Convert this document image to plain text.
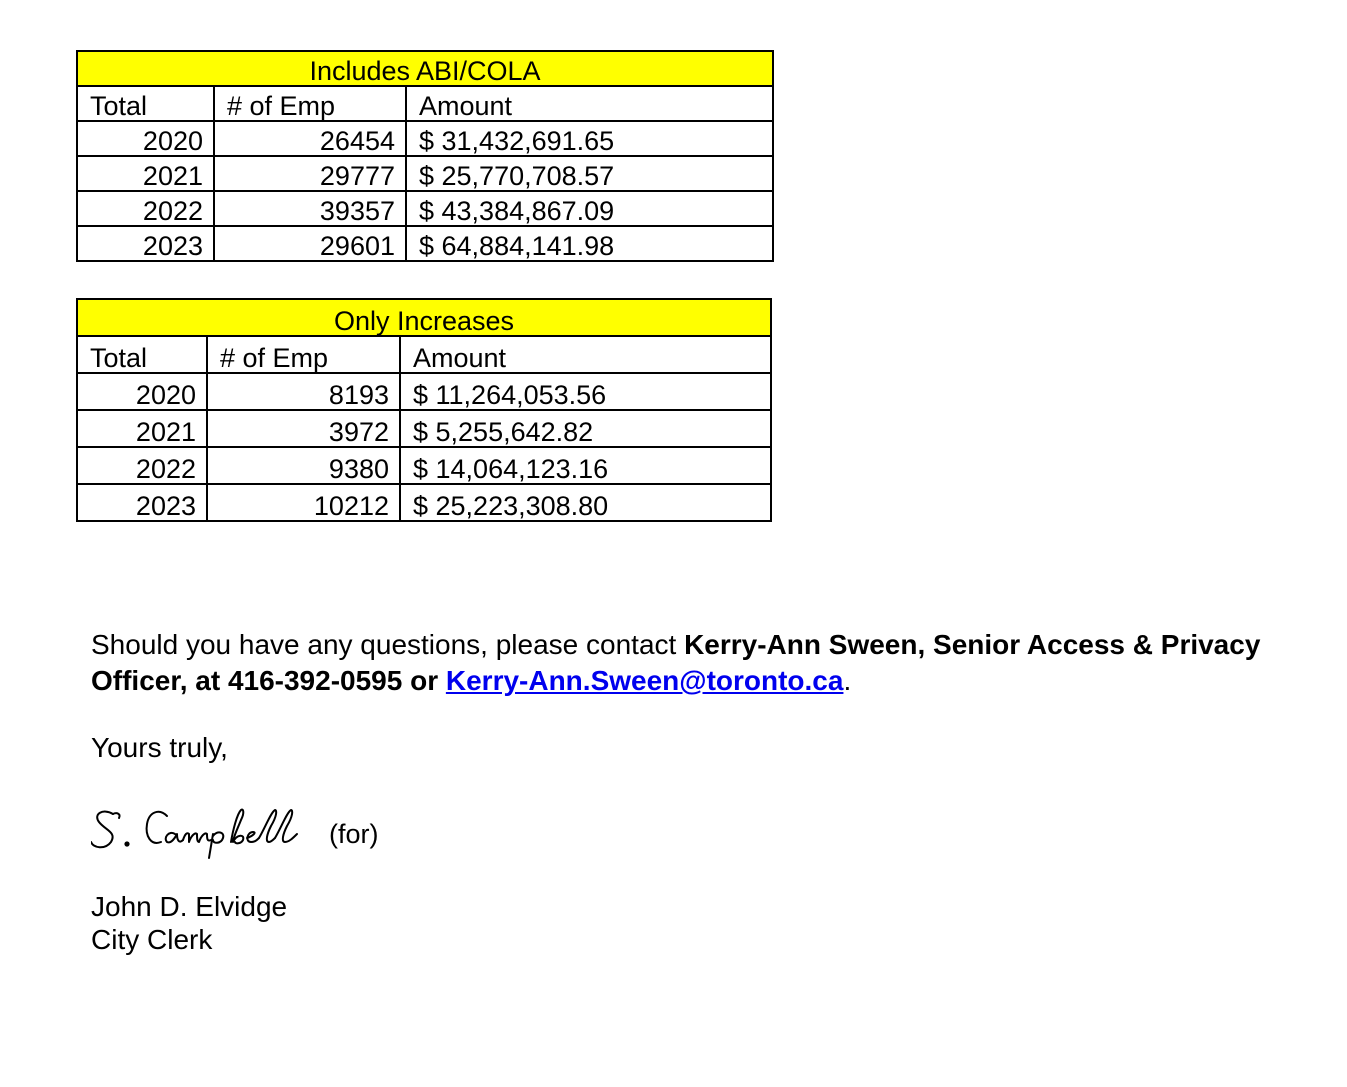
Includes ABI/COLA		
Total	# of Emp	Amount
2020	26454	$ 31,432,691.65
2021	29777	$ 25,770,708.57
2022	39357	$ 43,384,867.09
2023	29601	$ 64,884,141.98
Only Increases		
Total	# of Emp	Amount
2020	8193	$ 11,264,053.56
2021	3972	$ 5,255,642.82
2022	9380	$ 14,064,123.16
2023	10212	$ 25,223,308.80
Should you have any questions, please contact Kerry-Ann Sween, Senior Access & Privacy Officer, at 416-392-0595 or Kerry-Ann.Sween@toronto.ca.
Yours truly,
(for)
John D. Elvidge
City Clerk
